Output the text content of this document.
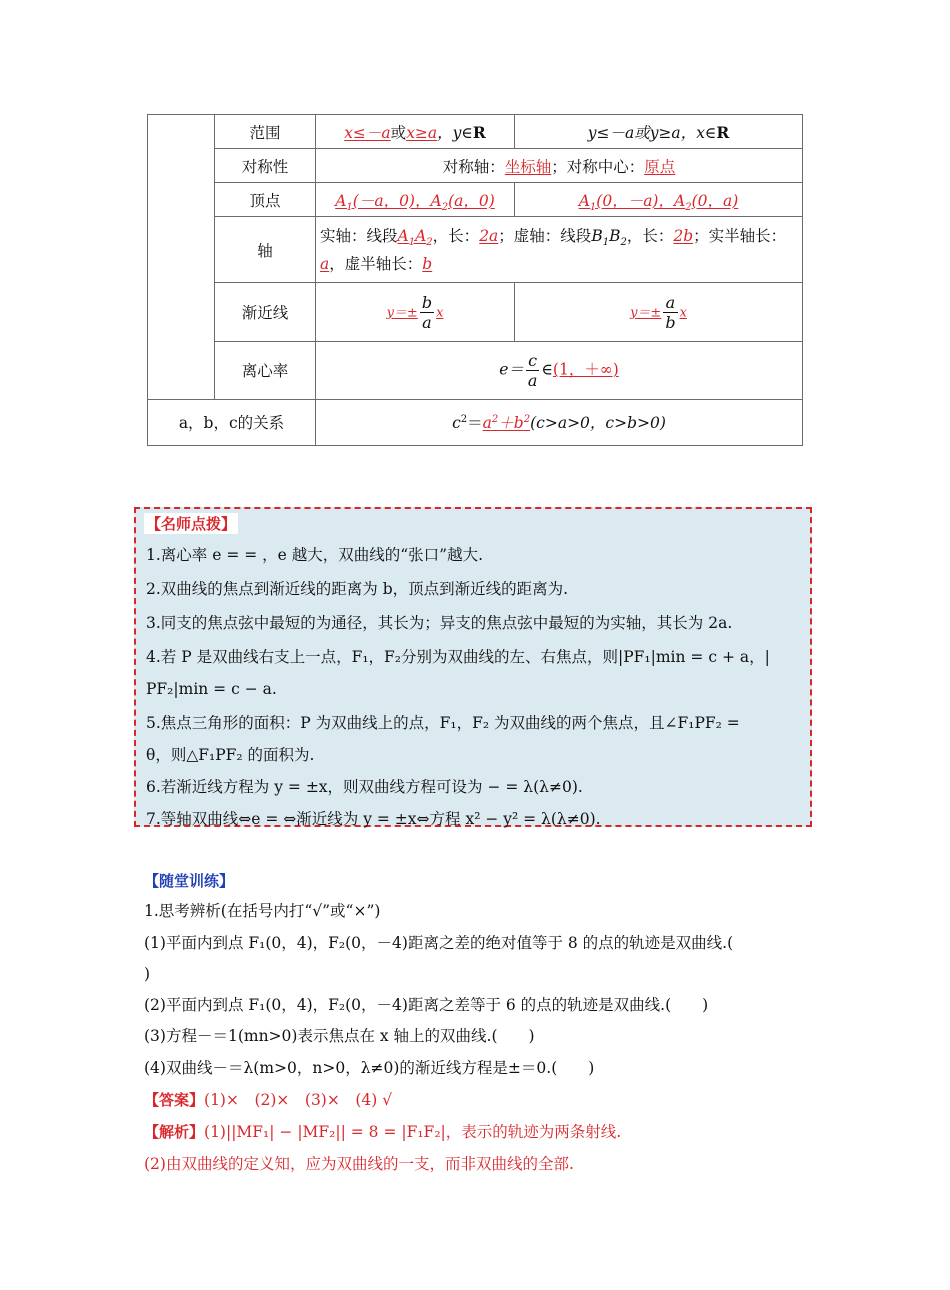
	范围	x≤－a或x≥a，y∈R	y≤－a或y≥a，x∈R
	对称性	对称轴：坐标轴；对称中心：原点	
	顶点	$A_1(-a$，0)，$A_2(a$，0)	$A_1(0$，－a)，$A_2(0$，a)
	轴	实轴：线段$A_1A_2$，长：2a；虚轴：线段$B_1B_2$，长：2b；实半轴长：a，虚半轴长：b	
	渐近线	$y=\pm \frac{b}{a}$ x	$y=\pm \frac{a}{b}$ x
	离心率	$e= \frac{c}{a}$ ∈(1，＋∞)	
a，b，c的关系		$c^2=a^2+b^2(c>a>0$，c>b>0)	
【名师点拨】
1.离心率 e = = ，e 越大，双曲线的“张口”越大.
2.双曲线的焦点到渐近线的距离为 b，顶点到渐近线的距离为.
3.同支的焦点弦中最短的为通径，其长为；异支的焦点弦中最短的为实轴，其长为 2a.
4.若 P 是双曲线右支上一点，F₁，F₂分别为双曲线的左、右焦点，则|PF₁|min = c + a，|
PF₂|min = c − a.
5.焦点三角形的面积：P 为双曲线上的点，F₁，F₂ 为双曲线的两个焦点，且∠F₁PF₂ =
θ，则△F₁PF₂ 的面积为.
6.若渐近线方程为 y = ±x，则双曲线方程可设为 − = λ(λ≠0).
7.等轴双曲线⇔e = ⇔渐近线为 y = ±x⇔方程 x² − y² = λ(λ≠0).
【随堂训练】
1.思考辨析(在括号内打“√”或“×”)
(1)平面内到点 F₁(0，4)，F₂(0，－4)距离之差的绝对值等于 8 的点的轨迹是双曲线.(
)
(2)平面内到点 F₁(0，4)，F₂(0，－4)距离之差等于 6 的点的轨迹是双曲线.(　　)
(3)方程－＝1(mn>0)表示焦点在 x 轴上的双曲线.(　　)
(4)双曲线－＝λ(m>0，n>0，λ≠0)的渐近线方程是±＝0.(　　)
【答案】(1)×　(2)×　(3)×　(4) √
【解析】(1)||MF₁| − |MF₂|| = 8 = |F₁F₂|，表示的轨迹为两条射线.
(2)由双曲线的定义知，应为双曲线的一支，而非双曲线的全部.
